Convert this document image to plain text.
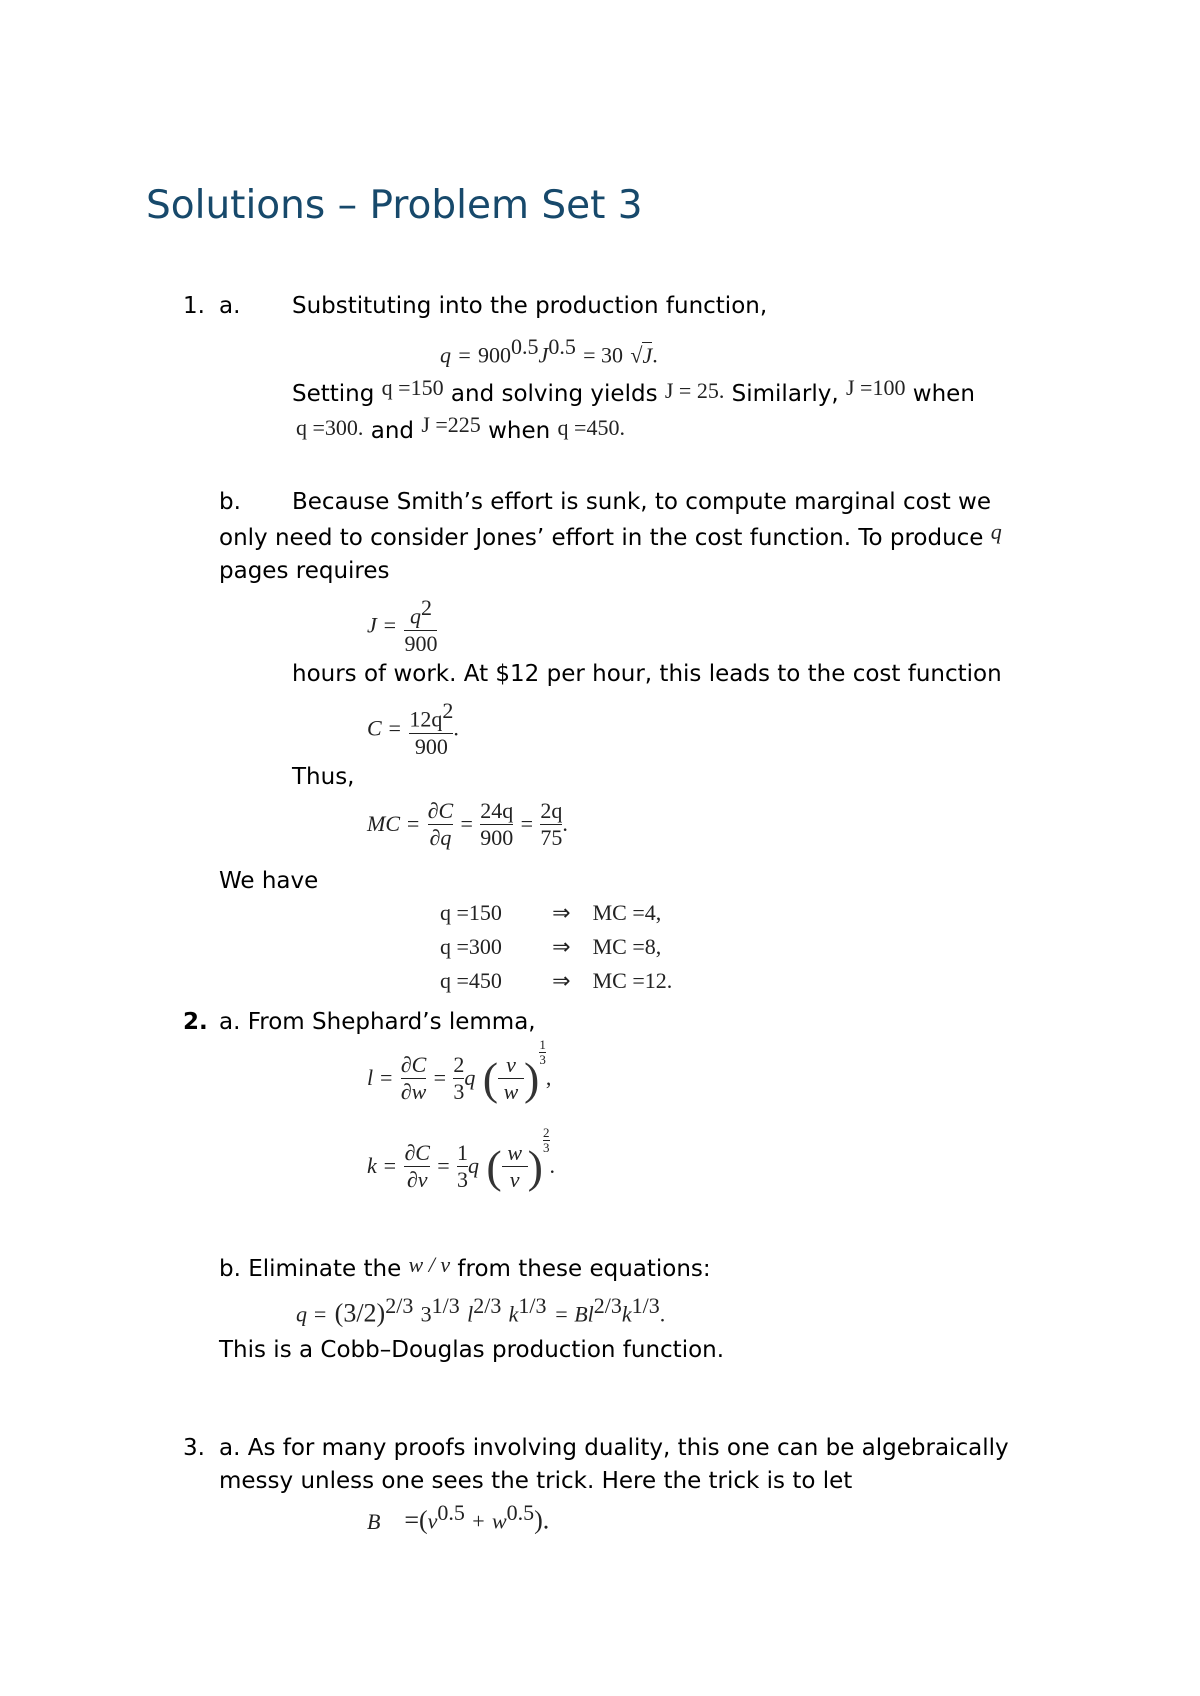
Solutions – Problem Set 3
1. a. Substituting into the production function,
$q = 900^{0.5}J^{0.5} = 30$ √J.
Setting q =150 and solving yields J = 25. Similarly, J =100 when
q =300. and J =225 when q =450.
b. Because Smith’s effort is sunk, to compute marginal cost we
only need to consider Jones’ effort in the cost function. To produce q
pages requires
$J = \frac{q^2}{900}$
hours of work. At $12 per hour, this leads to the cost function
$C = \frac{12q^2}{900}$ .
Thus,
MC = $\frac{\partial C}{\partial q} = \frac{24q}{900} = \frac{2q}{75}$ .
We have
q =150 ⇒ MC =4,
q =300 ⇒ MC =8,
q =450 ⇒ MC =12.
2. a. From Shephard’s lemma,
$l = \frac{\partial C}{\partial w} = \frac{2}{3}$ q ( $\frac{v}{w}$ )
$\frac{1}{3}$
,
$k = \frac{\partial C}{\partial v} = \frac{1}{3}$ q ( $\frac{w}{v}$ )
$\frac{2}{3}$
.
b. Eliminate the w / v from these equations:
$q = (3/2)^{2/3}$ $3^{1/3}$ $l^{2/3}$ $k^{1/3} = Bl^{2/3}k^{1/3}$.
This is a Cobb–Douglas production function.
3. a. As for many proofs involving duality, this one can be algebraically
messy unless one sees the trick. Here the trick is to let
$B =(v^{0.5} + w^{0.5})$.
